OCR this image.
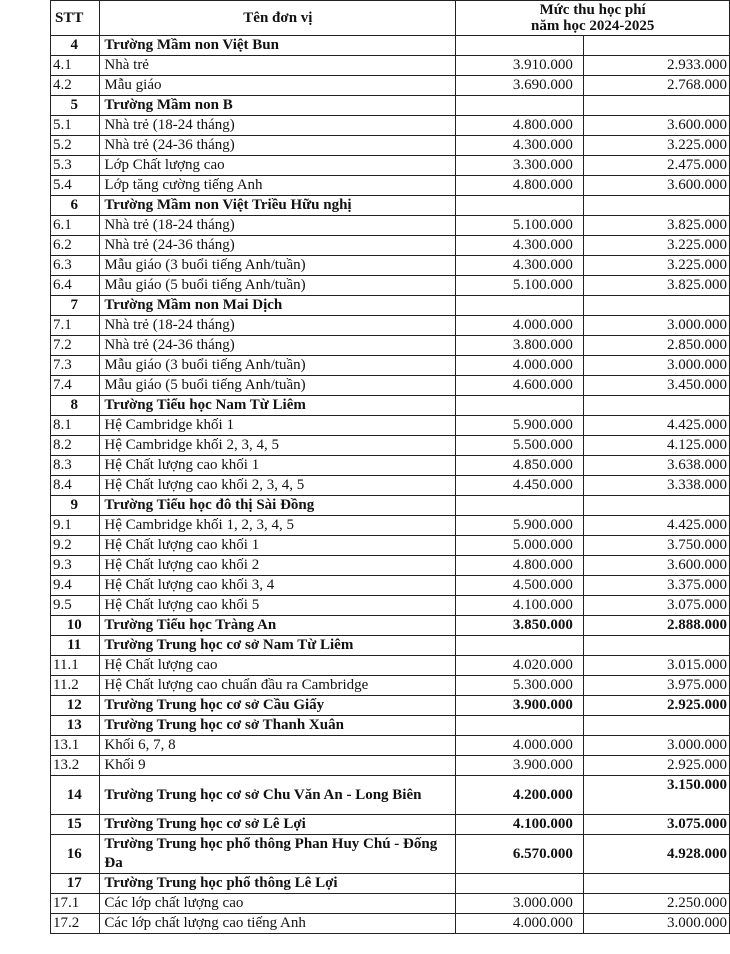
STT	Tên đơn vị	Mức thu học phí
năm học 2024-2025	

4	Trường Mầm non Việt Bun		
4.1	Nhà trẻ	3.910.000	2.933.000
4.2	Mẫu giáo	3.690.000	2.768.000
5	Trường Mầm non B		
5.1	Nhà trẻ (18-24 tháng)	4.800.000	3.600.000
5.2	Nhà trẻ (24-36 tháng)	4.300.000	3.225.000
5.3	Lớp Chất lượng cao	3.300.000	2.475.000
5.4	Lớp tăng cường tiếng Anh	4.800.000	3.600.000
6	Trường Mầm non Việt Triều Hữu nghị		
6.1	Nhà trẻ (18-24 tháng)	5.100.000	3.825.000
6.2	Nhà trẻ (24-36 tháng)	4.300.000	3.225.000
6.3	Mẫu giáo (3 buổi tiếng Anh/tuần)	4.300.000	3.225.000
6.4	Mẫu giáo (5 buổi tiếng Anh/tuần)	5.100.000	3.825.000
7	Trường Mầm non Mai Dịch		
7.1	Nhà trẻ (18-24 tháng)	4.000.000	3.000.000
7.2	Nhà trẻ (24-36 tháng)	3.800.000	2.850.000
7.3	Mẫu giáo (3 buổi tiếng Anh/tuần)	4.000.000	3.000.000
7.4	Mẫu giáo (5 buổi tiếng Anh/tuần)	4.600.000	3.450.000
8	Trường Tiểu học Nam Từ Liêm		
8.1	Hệ Cambridge khối 1	5.900.000	4.425.000
8.2	Hệ Cambridge khối 2, 3, 4, 5	5.500.000	4.125.000
8.3	Hệ Chất lượng cao khối 1	4.850.000	3.638.000
8.4	Hệ Chất lượng cao khối 2, 3, 4, 5	4.450.000	3.338.000
9	Trường Tiểu học đô thị Sài Đồng		
9.1	Hệ Cambridge khối 1, 2, 3, 4, 5	5.900.000	4.425.000
9.2	Hệ Chất lượng cao khối 1	5.000.000	3.750.000
9.3	Hệ Chất lượng cao khối 2	4.800.000	3.600.000
9.4	Hệ Chất lượng cao khối 3, 4	4.500.000	3.375.000
9.5	Hệ Chất lượng cao khối 5	4.100.000	3.075.000
10	Trường Tiểu học Tràng An	3.850.000	2.888.000
11	Trường Trung học cơ sở Nam Từ Liêm		
11.1	Hệ Chất lượng cao	4.020.000	3.015.000
11.2	Hệ Chất lượng cao chuẩn đầu ra Cambridge	5.300.000	3.975.000
12	Trường Trung học cơ sở Cầu Giấy	3.900.000	2.925.000
13	Trường Trung học cơ sở Thanh Xuân		
13.1	Khối 6, 7, 8	4.000.000	3.000.000
13.2	Khối 9	3.900.000	2.925.000
14	Trường Trung học cơ sở Chu Văn An - Long Biên	4.200.000	3.150.000
15	Trường Trung học cơ sở Lê Lợi	4.100.000	3.075.000
16	Trường Trung học phổ thông Phan Huy Chú - Đống Đa	6.570.000	4.928.000
17	Trường Trung học phổ thông Lê Lợi		
17.1	Các lớp chất lượng cao	3.000.000	2.250.000
17.2	Các lớp chất lượng cao tiếng Anh	4.000.000	3.000.000
